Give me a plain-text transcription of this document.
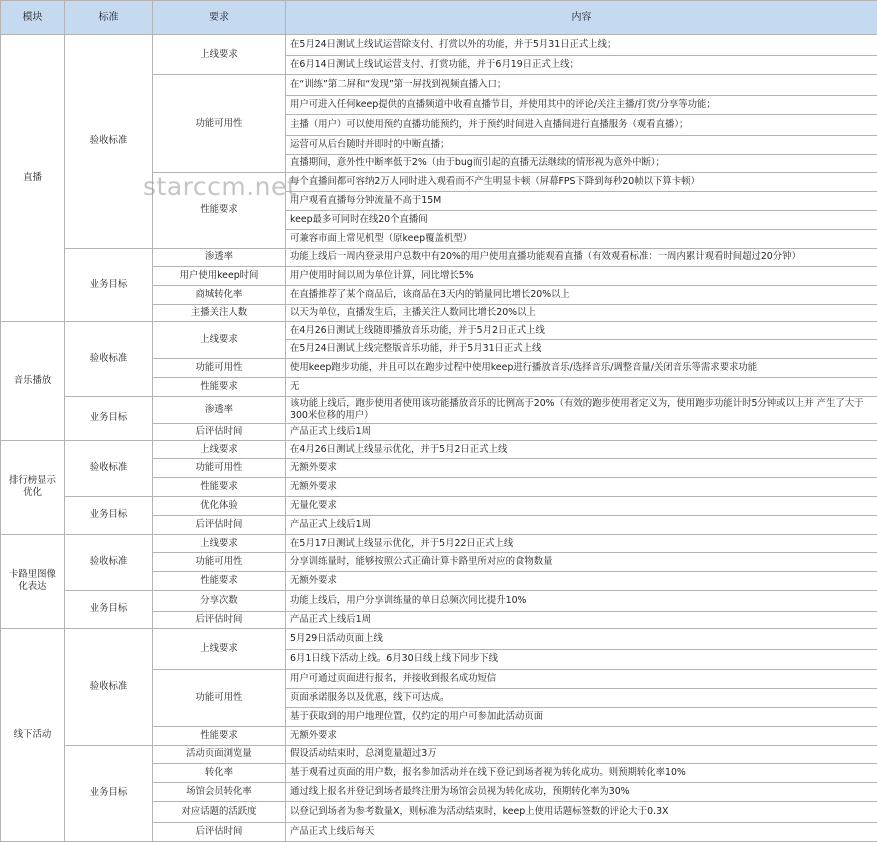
模块	标准	要求	内容
直播	验收标准	上线要求	在5月24日测试上线试运营除支付、打赏以外的功能，并于5月31日正式上线；
			在6月14日测试上线试运营支付、打赏功能，并于6月19日正式上线；
		功能可用性	在“训练”第二屏和“发现”第一屏找到视频直播入口；
			用户可进入任何keep提供的直播频道中收看直播节目，并使用其中的评论/关注主播/打赏/分享等功能；
			主播（用户）可以使用预约直播功能预约，并于预约时间进入直播间进行直播服务（观看直播）；
			运营可从后台随时并即时的中断直播；
			直播期间，意外性中断率低于2%（由于bug而引起的直播无法继续的情形视为意外中断）；
		性能要求	每个直播间都可容纳2万人同时进入观看而不产生明显卡顿（屏幕FPS下降到每秒20帧以下算卡顿）
			用户观看直播每分钟流量不高于15M
			keep最多可同时在线20个直播间
			可兼容市面上常见机型（原keep覆盖机型）
	业务目标	渗透率	功能上线后一周内登录用户总数中有20%的用户使用直播功能观看直播（有效观看标准：一周内累计观看时间超过20分钟）
		用户使用keep时间	用户使用时间以周为单位计算，同比增长5%
		商城转化率	在直播推荐了某个商品后，该商品在3天内的销量同比增长20%以上
		主播关注人数	以天为单位，直播发生后，主播关注人数同比增长20%以上
音乐播放	验收标准	上线要求	在4月26日测试上线随即播放音乐功能，并于5月2日正式上线
			在5月24日测试上线完整版音乐功能，并于5月31日正式上线
		功能可用性	使用keep跑步功能，并且可以在跑步过程中使用keep进行播放音乐/选择音乐/调整音量/关闭音乐等需求要求功能
		性能要求	无
	业务目标	渗透率	该功能上线后，跑步使用者使用该功能播放音乐的比例高于20%（有效的跑步使用者定义为，使用跑步功能计时5分钟或以上并 产生了大于300米位移的用户）
		后评估时间	产品正式上线后1周
排行榜显示优化	验收标准	上线要求	在4月26日测试上线显示优化，并于5月2日正式上线
		功能可用性	无额外要求
		性能要求	无额外要求
	业务目标	优化体验	无量化要求
		后评估时间	产品正式上线后1周
卡路里图像化表达	验收标准	上线要求	在5月17日测试上线显示优化，并于5月22日正式上线
		功能可用性	分享训练量时，能够按照公式正确计算卡路里所对应的食物数量
		性能要求	无额外要求
	业务目标	分享次数	功能上线后，用户分享训练量的单日总频次同比提升10%
		后评估时间	产品正式上线后1周
线下活动	验收标准	上线要求	5月29日活动页面上线
			6月1日线下活动上线。6月30日线上线下同步下线
		功能可用性	用户可通过页面进行报名，并接收到报名成功短信
			页面承诺服务以及优惠，线下可达成。
			基于获取到的用户地理位置，仅约定的用户可参加此活动页面
		性能要求	无额外要求
	业务目标	活动页面浏览量	假设活动结束时，总浏览量超过3万
		转化率	基于观看过页面的用户数，报名参加活动并在线下登记到场者视为转化成功。则预期转化率10%
		场馆会员转化率	通过线上报名并登记到场者最终注册为场馆会员视为转化成功，预期转化率为30%
		对应话题的活跃度	以登记到场者为参考数量X，则标准为活动结束时，keep上使用话题标签数的评论大于0.3X
		后评估时间	产品正式上线后每天
starccm.net
